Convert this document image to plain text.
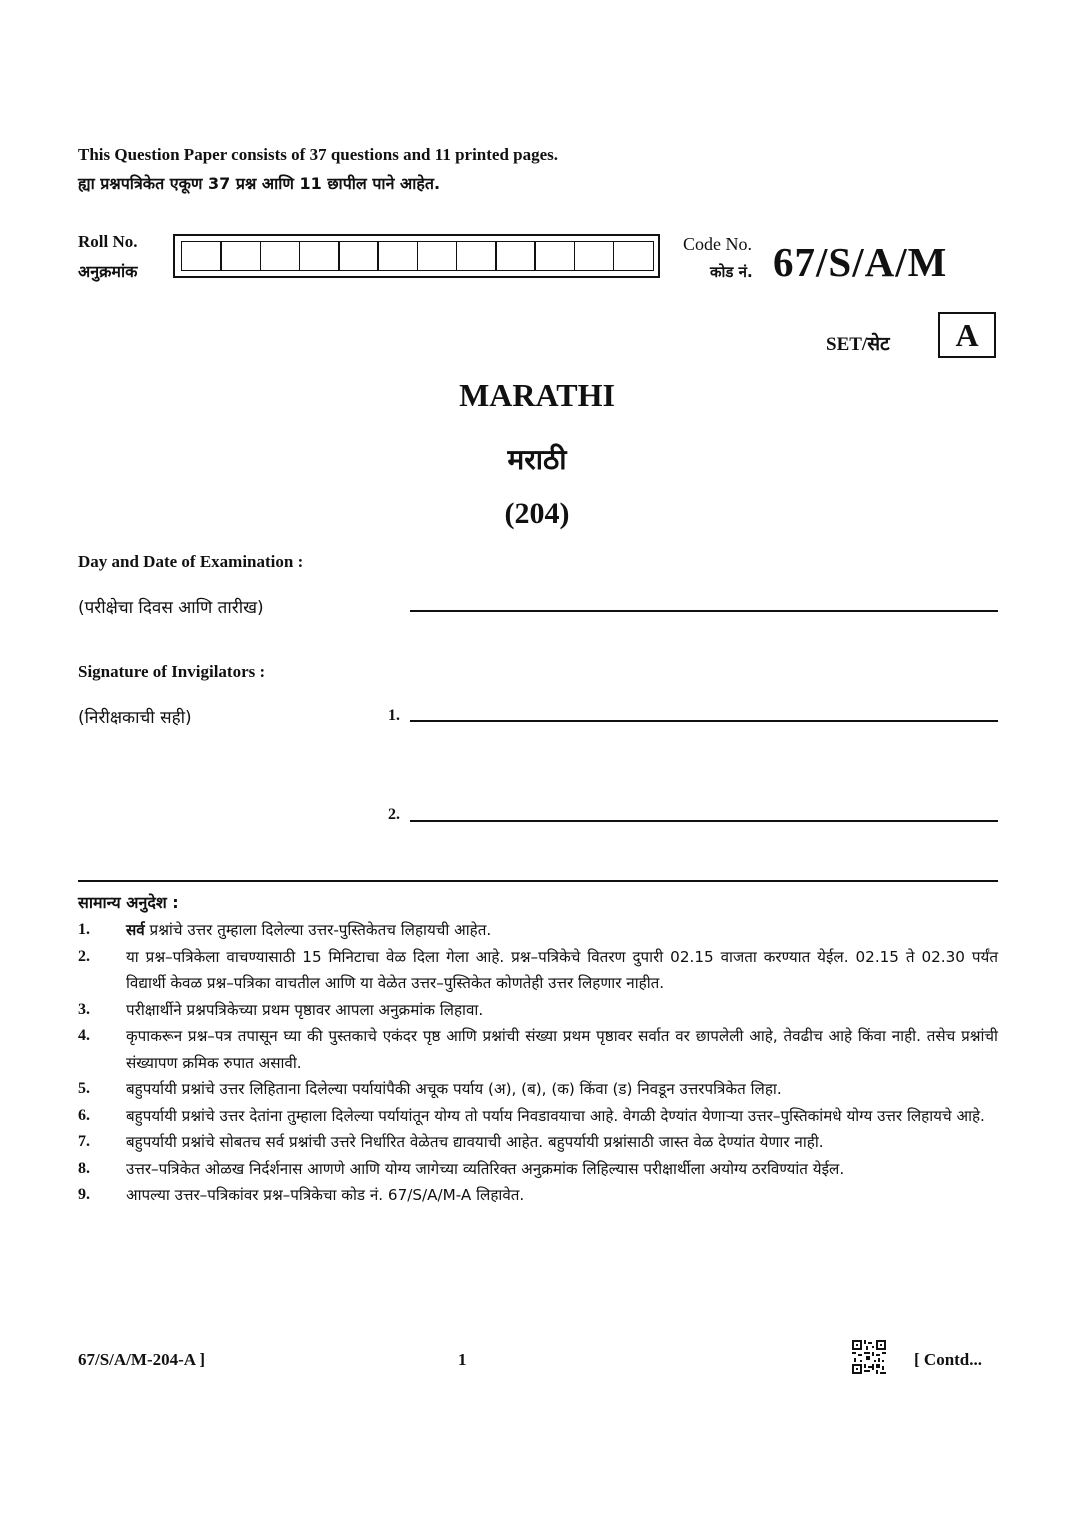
This Question Paper consists of 37 questions and 11 printed pages.
ह्या प्रश्नपत्रिकेत एकूण 37 प्रश्न आणि 11 छापील पाने आहेत.
Roll No.
अनुक्रमांक
Code No.
कोड नं. 67/S/A/M
SET/सेट	A
MARATHI
मराठी
(204)
Day and Date of Examination :
(परीक्षेचा दिवस आणि तारीख)
Signature of Invigilators :
(निरीक्षकाची सही)	1.
2.
सामान्य अनुदेश :
1.	सर्व प्रश्नांचे उत्तर तुम्हाला दिलेल्या उत्तर-पुस्तिकेतच लिहायची आहेत.
2.	या प्रश्न–पत्रिकेला वाचण्यासाठी 15 मिनिटाचा वेळ दिला गेला आहे. प्रश्न–पत्रिकेचे वितरण दुपारी 02.15 वाजता करण्यात येईल. 02.15 ते 02.30 पर्यंत विद्यार्थी केवळ प्रश्न–पत्रिका वाचतील आणि या वेळेत उत्तर–पुस्तिकेत कोणतेही उत्तर लिहणार नाहीत.
3.	परीक्षार्थीने प्रश्नपत्रिकेच्या प्रथम पृष्ठावर आपला अनुक्रमांक लिहावा.
4.	कृपाकरून प्रश्न–पत्र तपासून घ्या की पुस्तकाचे एकंदर पृष्ठ आणि प्रश्नांची संख्या प्रथम पृष्ठावर सर्वात वर छापलेली आहे, तेवढीच आहे किंवा नाही. तसेच प्रश्नांची संख्यापण क्रमिक रुपात असावी.
5.	बहुपर्यायी प्रश्नांचे उत्तर लिहिताना दिलेल्या पर्यायांपैकी अचूक पर्याय (अ), (ब), (क) किंवा (ड) निवडून उत्तरपत्रिकेत लिहा.
6.	बहुपर्यायी प्रश्नांचे उत्तर देतांना तुम्हाला दिलेल्या पर्यायांतून योग्य तो पर्याय निवडावयाचा आहे. वेगळी देण्यांत येणाऱ्या उत्तर–पुस्तिकांमधे योग्य उत्तर लिहायचे आहे.
7.	बहुपर्यायी प्रश्नांचे सोबतच सर्व प्रश्नांची उत्तरे निर्धारित वेळेतच द्यावयाची आहेत. बहुपर्यायी प्रश्नांसाठी जास्त वेळ देण्यांत येणार नाही.
8.	उत्तर–पत्रिकेत ओळख निर्दर्शनास आणणे आणि योग्य जागेच्या व्यतिरिक्त अनुक्रमांक लिहिल्यास परीक्षार्थीला अयोग्य ठरविण्यांत येईल.
9.	आपल्या उत्तर–पत्रिकांवर प्रश्न–पत्रिकेचा कोड नं. 67/S/A/M-A लिहावेत.
67/S/A/M-204-A ]	1	[ Contd...
